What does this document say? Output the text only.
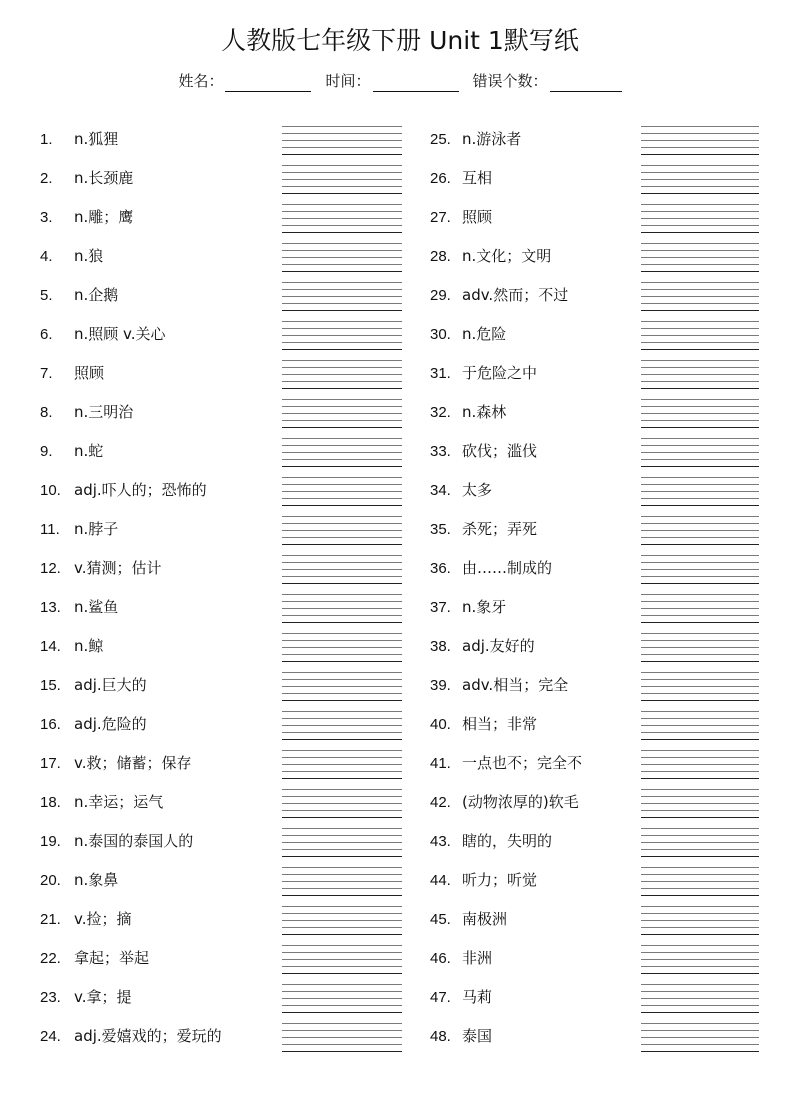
人教版七年级下册 Unit 1默写纸
姓名：	时间：	错误个数：
1. n.狐狸
2. n.长颈鹿
3. n.雕；鹰
4. n.狼
5. n.企鹅
6. n.照顾 v.关心
7. 照顾
8. n.三明治
9. n.蛇
10. adj.吓人的；恐怖的
11. n.脖子
12. v.猜测；估计
13. n.鲨鱼
14. n.鲸
15. adj.巨大的
16. adj.危险的
17. v.救；储蓄；保存
18. n.幸运；运气
19. n.泰国的泰国人的
20. n.象鼻
21. v.捡；摘
22. 拿起；举起
23. v.拿；提
24. adj.爱嬉戏的；爱玩的
25. n.游泳者
26. 互相
27. 照顾
28. n.文化；文明
29. adv.然而；不过
30. n.危险
31. 于危险之中
32. n.森林
33. 砍伐；滥伐
34. 太多
35. 杀死；弄死
36. 由……制成的
37. n.象牙
38. adj.友好的
39. adv.相当；完全
40. 相当；非常
41. 一点也不；完全不
42. (动物浓厚的)软毛
43. 瞎的，失明的
44. 听力；听觉
45. 南极洲
46. 非洲
47. 马莉
48. 泰国
